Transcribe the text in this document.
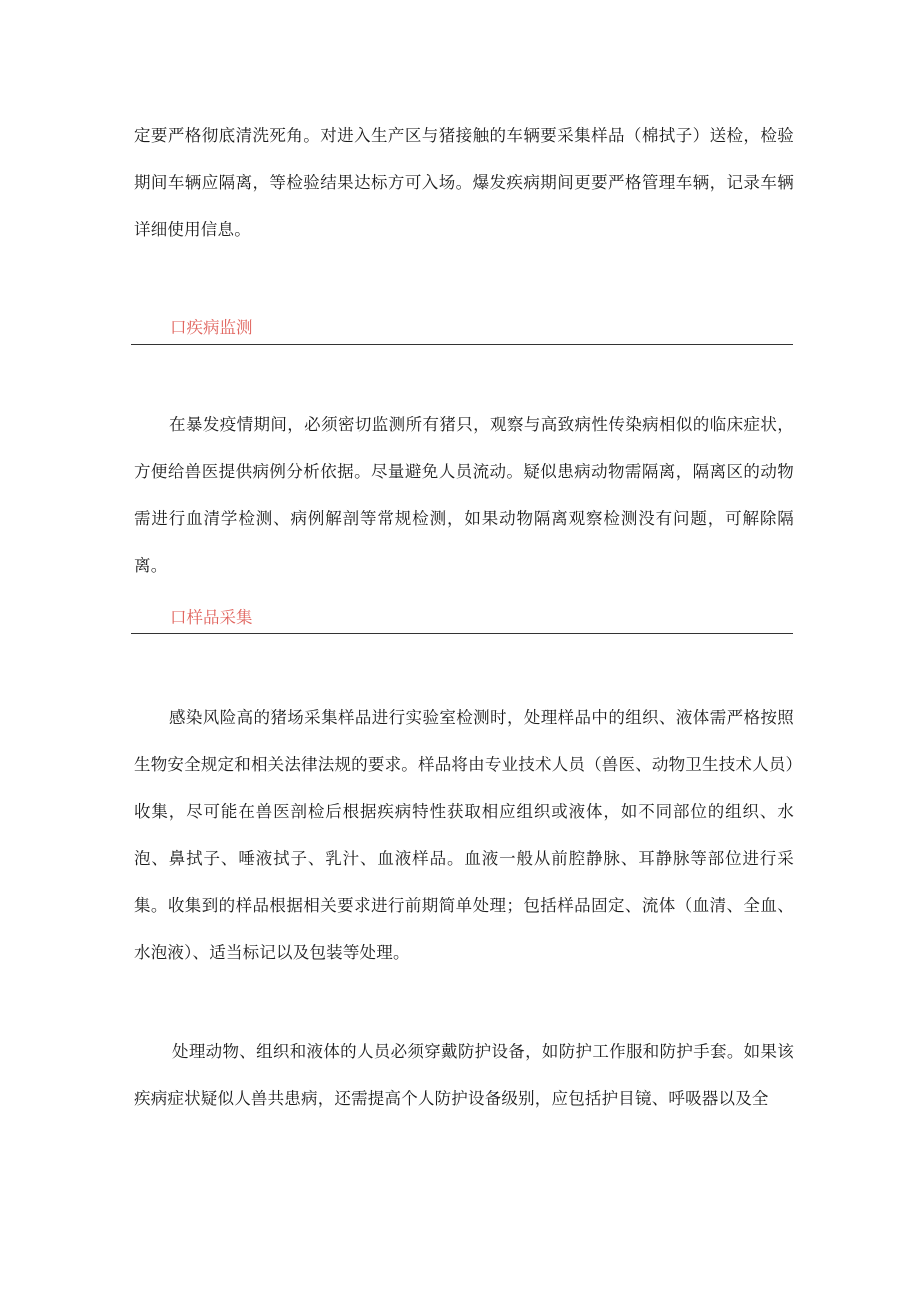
定要严格彻底清洗死角。对进入生产区与猪接触的车辆要采集样品（棉拭子）送检，检验期间车辆应隔离，等检验结果达标方可入场。爆发疾病期间更要严格管理车辆，记录车辆详细使用信息。

口疾病监测

在暴发疫情期间，必须密切监测所有猪只，观察与高致病性传染病相似的临床症状，方便给兽医提供病例分析依据。尽量避免人员流动。疑似患病动物需隔离，隔离区的动物需进行血清学检测、病例解剖等常规检测，如果动物隔离观察检测没有问题，可解除隔离。

口样品采集

感染风险高的猪场采集样品进行实验室检测时，处理样品中的组织、液体需严格按照生物安全规定和相关法律法规的要求。样品将由专业技术人员（兽医、动物卫生技术人员）收集，尽可能在兽医剖检后根据疾病特性获取相应组织或液体，如不同部位的组织、水泡、鼻拭子、唾液拭子、乳汁、血液样品。血液一般从前腔静脉、耳静脉等部位进行采集。收集到的样品根据相关要求进行前期简单处理；包括样品固定、流体（血清、全血、水泡液）、适当标记以及包装等处理。

处理动物、组织和液体的人员必须穿戴防护设备，如防护工作服和防护手套。如果该疾病症状疑似人兽共患病，还需提高个人防护设备级别，应包括护目镜、呼吸器以及全
